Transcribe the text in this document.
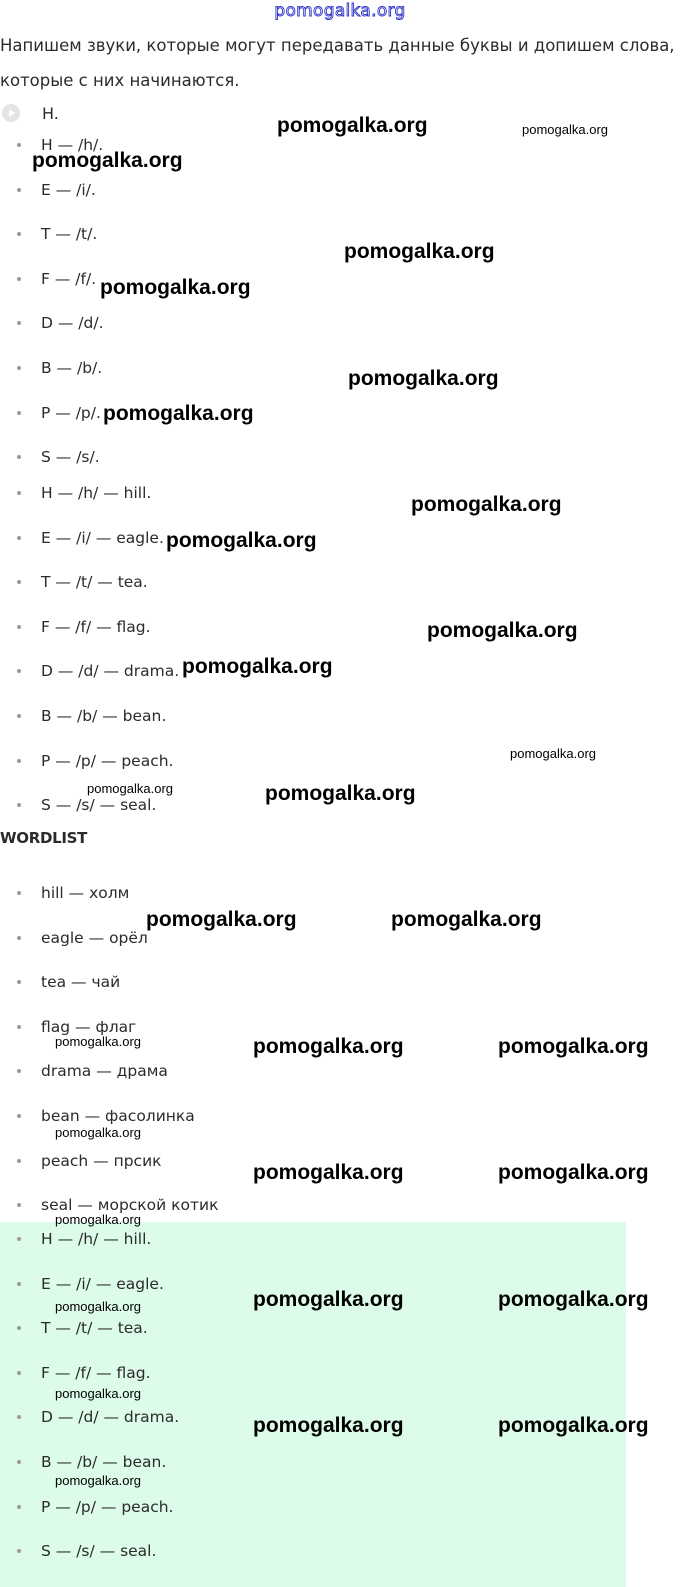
pomogalka.org
Напишем звуки, которые могут передавать данные буквы и допишем слова, которые с них начинаются.
H.
H — /h/.
E — /i/.
T — /t/.
F — /f/.
D — /d/.
B — /b/.
P — /p/.
S — /s/.
H — /h/ — hill.
E — /i/ — eagle.
T — /t/ — tea.
F — /f/ — flag.
D — /d/ — drama.
B — /b/ — bean.
P — /p/ — peach.
S — /s/ — seal.
hill — холм
eagle — орёл
tea — чай
flag — флаг
drama — драма
bean — фасолинка
peach — прсик
seal — морской котик
H — /h/ — hill.
E — /i/ — eagle.
T — /t/ — tea.
F — /f/ — flag.
D — /d/ — drama.
B — /b/ — bean.
P — /p/ — peach.
S — /s/ — seal.
WORDLIST
pomogalka.org	pomogalka.org
pomogalka.org
pomogalka.org
pomogalka.org
pomogalka.org
pomogalka.org
pomogalka.org
pomogalka.org
pomogalka.org
pomogalka.org
pomogalka.org
pomogalka.org	pomogalka.org
pomogalka.org	pomogalka.org
pomogalka.org	pomogalka.org	pomogalka.org
pomogalka.org
pomogalka.org	pomogalka.org
pomogalka.org
pomogalka.org	pomogalka.org
pomogalka.org
pomogalka.org
pomogalka.org	pomogalka.org
pomogalka.org
